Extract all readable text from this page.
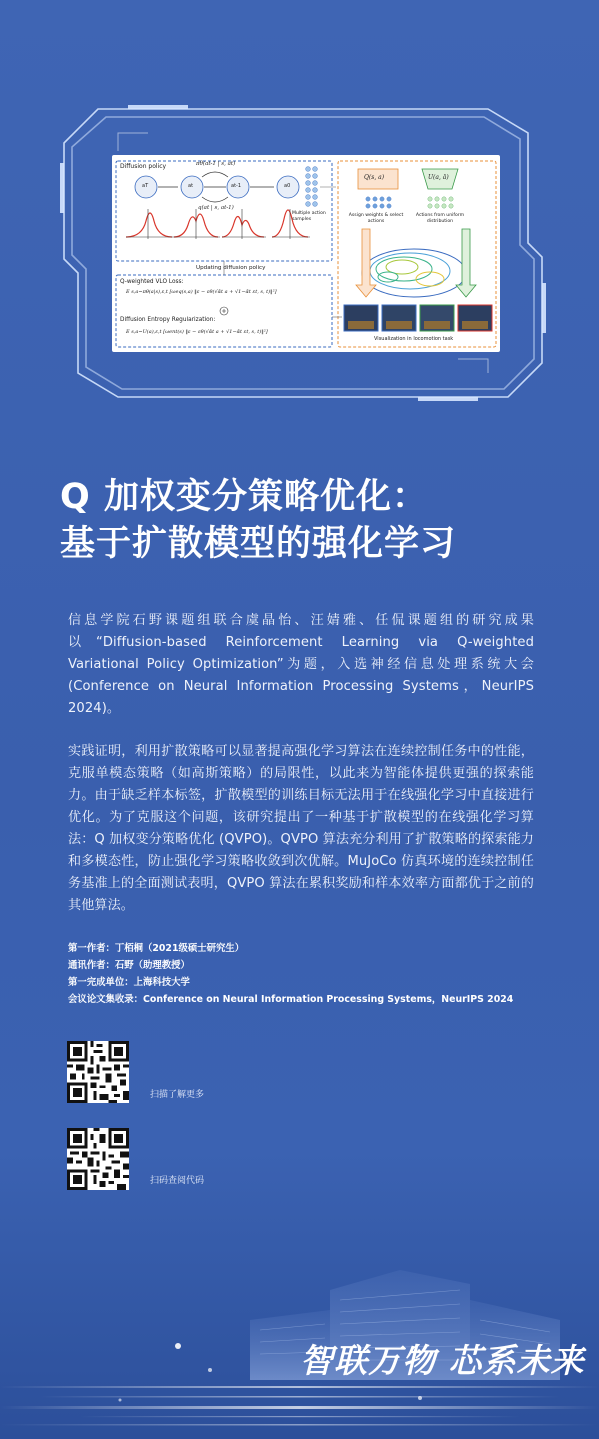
Diffusion policy
aT	at	at-1	a0
πθ(at-1 | s, at)
q(at | s, at-1)
Multiple action samples
Updating diffusion policy
Q-weighted VLO Loss:
E s,a~πθ(a|s),ε,t [ωeq(s,a) ‖ε − εθ(√ᾱt a + √1−ᾱt εt, s, t)‖²]
Diffusion Entropy Regularization:
E s,a~U(a),ε,t [ωent(s) ‖ε − εθ(√ᾱt a + √1−ᾱt εt, s, t)‖²]
Q(s, a)	U(a, ā)
Assign weights & select actions
Actions from uniform distribution
Visualization in locomotion task
Q 加权变分策略优化：
基于扩散模型的强化学习
信息学院石野课题组联合虞晶怡、汪婧雅、任侃课题组的研究成果以“Diffusion-based Reinforcement Learning via Q-weighted Variational Policy Optimization”为题，入选神经信息处理系统大会(Conference on Neural Information Processing Systems，NeurIPS 2024)。
实践证明，利用扩散策略可以显著提高强化学习算法在连续控制任务中的性能，克服单模态策略（如高斯策略）的局限性，以此来为智能体提供更强的探索能力。由于缺乏样本标签，扩散模型的训练目标无法用于在线强化学习中直接进行优化。为了克服这个问题，该研究提出了一种基于扩散模型的在线强化学习算法：Q 加权变分策略优化 (QVPO)。QVPO 算法充分利用了扩散策略的探索能力和多模态性，防止强化学习策略收敛到次优解。MuJoCo 仿真环境的连续控制任务基准上的全面测试表明，QVPO 算法在累积奖励和样本效率方面都优于之前的其他算法。
第一作者：丁栢桐（2021级硕士研究生）
通讯作者：石野（助理教授）
第一完成单位：上海科技大学
会议论文集收录：Conference on Neural Information Processing Systems，NeurIPS 2024
扫描了解更多
扫码查阅代码
智联万物 芯系未来
